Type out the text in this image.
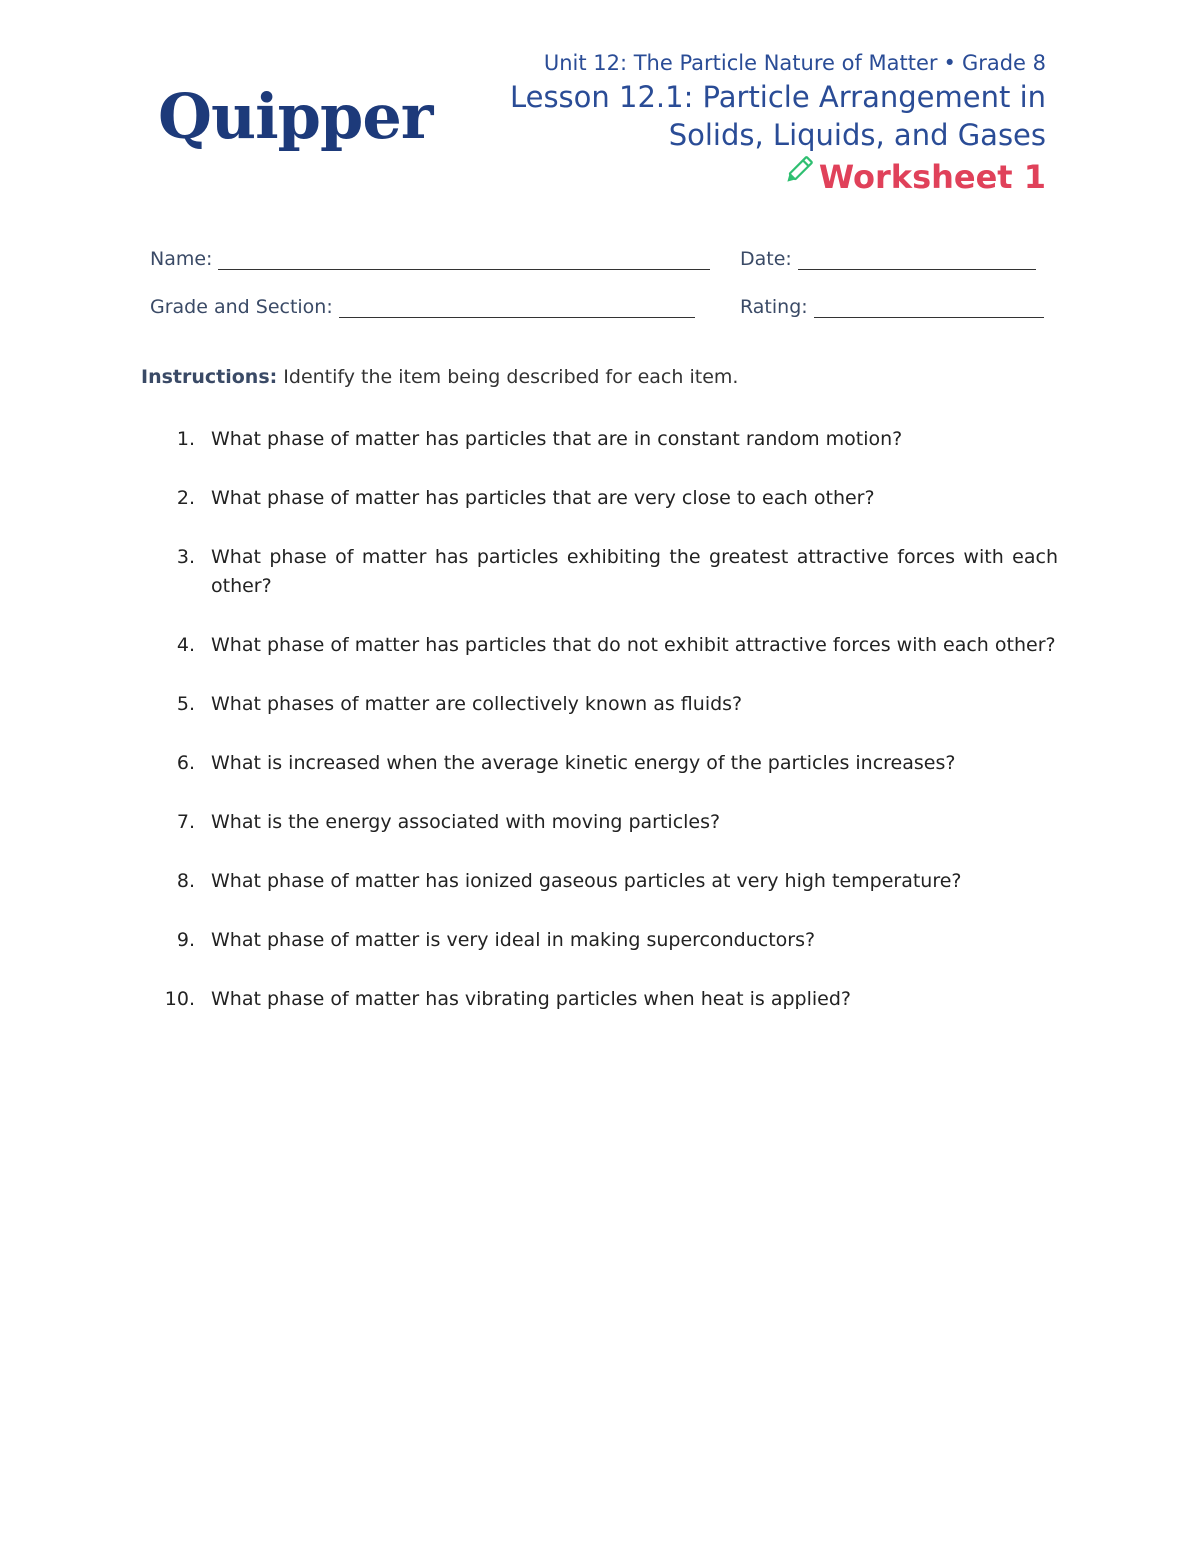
Quipper
Unit 12: The Particle Nature of Matter • Grade 8
Lesson 12.1: Particle Arrangement in
Solids, Liquids, and Gases
Worksheet 1
Name:	Date:
Grade and Section:	Rating:
Instructions: Identify the item being described for each item.
1. What phase of matter has particles that are in constant random motion?
2. What phase of matter has particles that are very close to each other?
3. What phase of matter has particles exhibiting the greatest attractive forces with each other?
4. What phase of matter has particles that do not exhibit attractive forces with each other?
5. What phases of matter are collectively known as fluids?
6. What is increased when the average kinetic energy of the particles increases?
7. What is the energy associated with moving particles?
8. What phase of matter has ionized gaseous particles at very high temperature?
9. What phase of matter is very ideal in making superconductors?
10. What phase of matter has vibrating particles when heat is applied?
